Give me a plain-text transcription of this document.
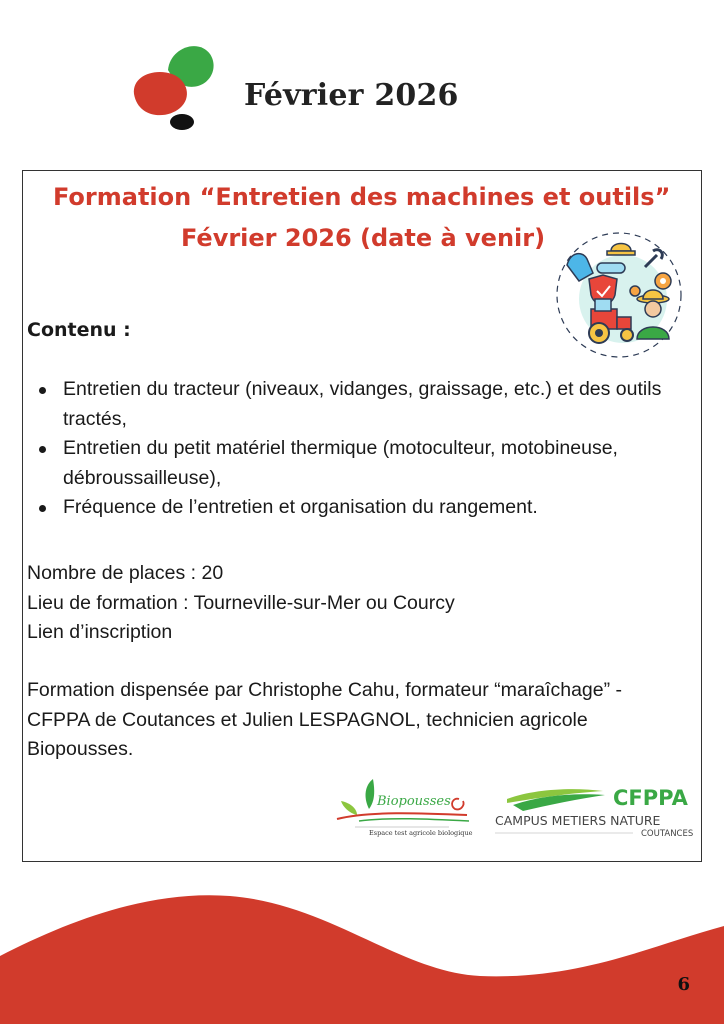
Février 2026
Formation “Entretien des machines et outils”
Février 2026 (date à venir)
Contenu :
Entretien du tracteur (niveaux, vidanges, graissage, etc.) et des outils tractés,
Entretien du petit matériel thermique (motoculteur, motobineuse, débroussailleuse),
Fréquence de l’entretien et organisation du rangement.
Nombre de places : 20
Lieu de formation : Tourneville-sur-Mer ou Courcy
Lien d’inscription
Formation dispensée par Christophe Cahu, formateur “maraîchage” - CFPPA de Coutances et Julien LESPAGNOL, technicien agricole Biopousses.
Biopousses
Espace test agricole biologique
CFPPA
CAMPUS METIERS NATURE
COUTANCES
6
